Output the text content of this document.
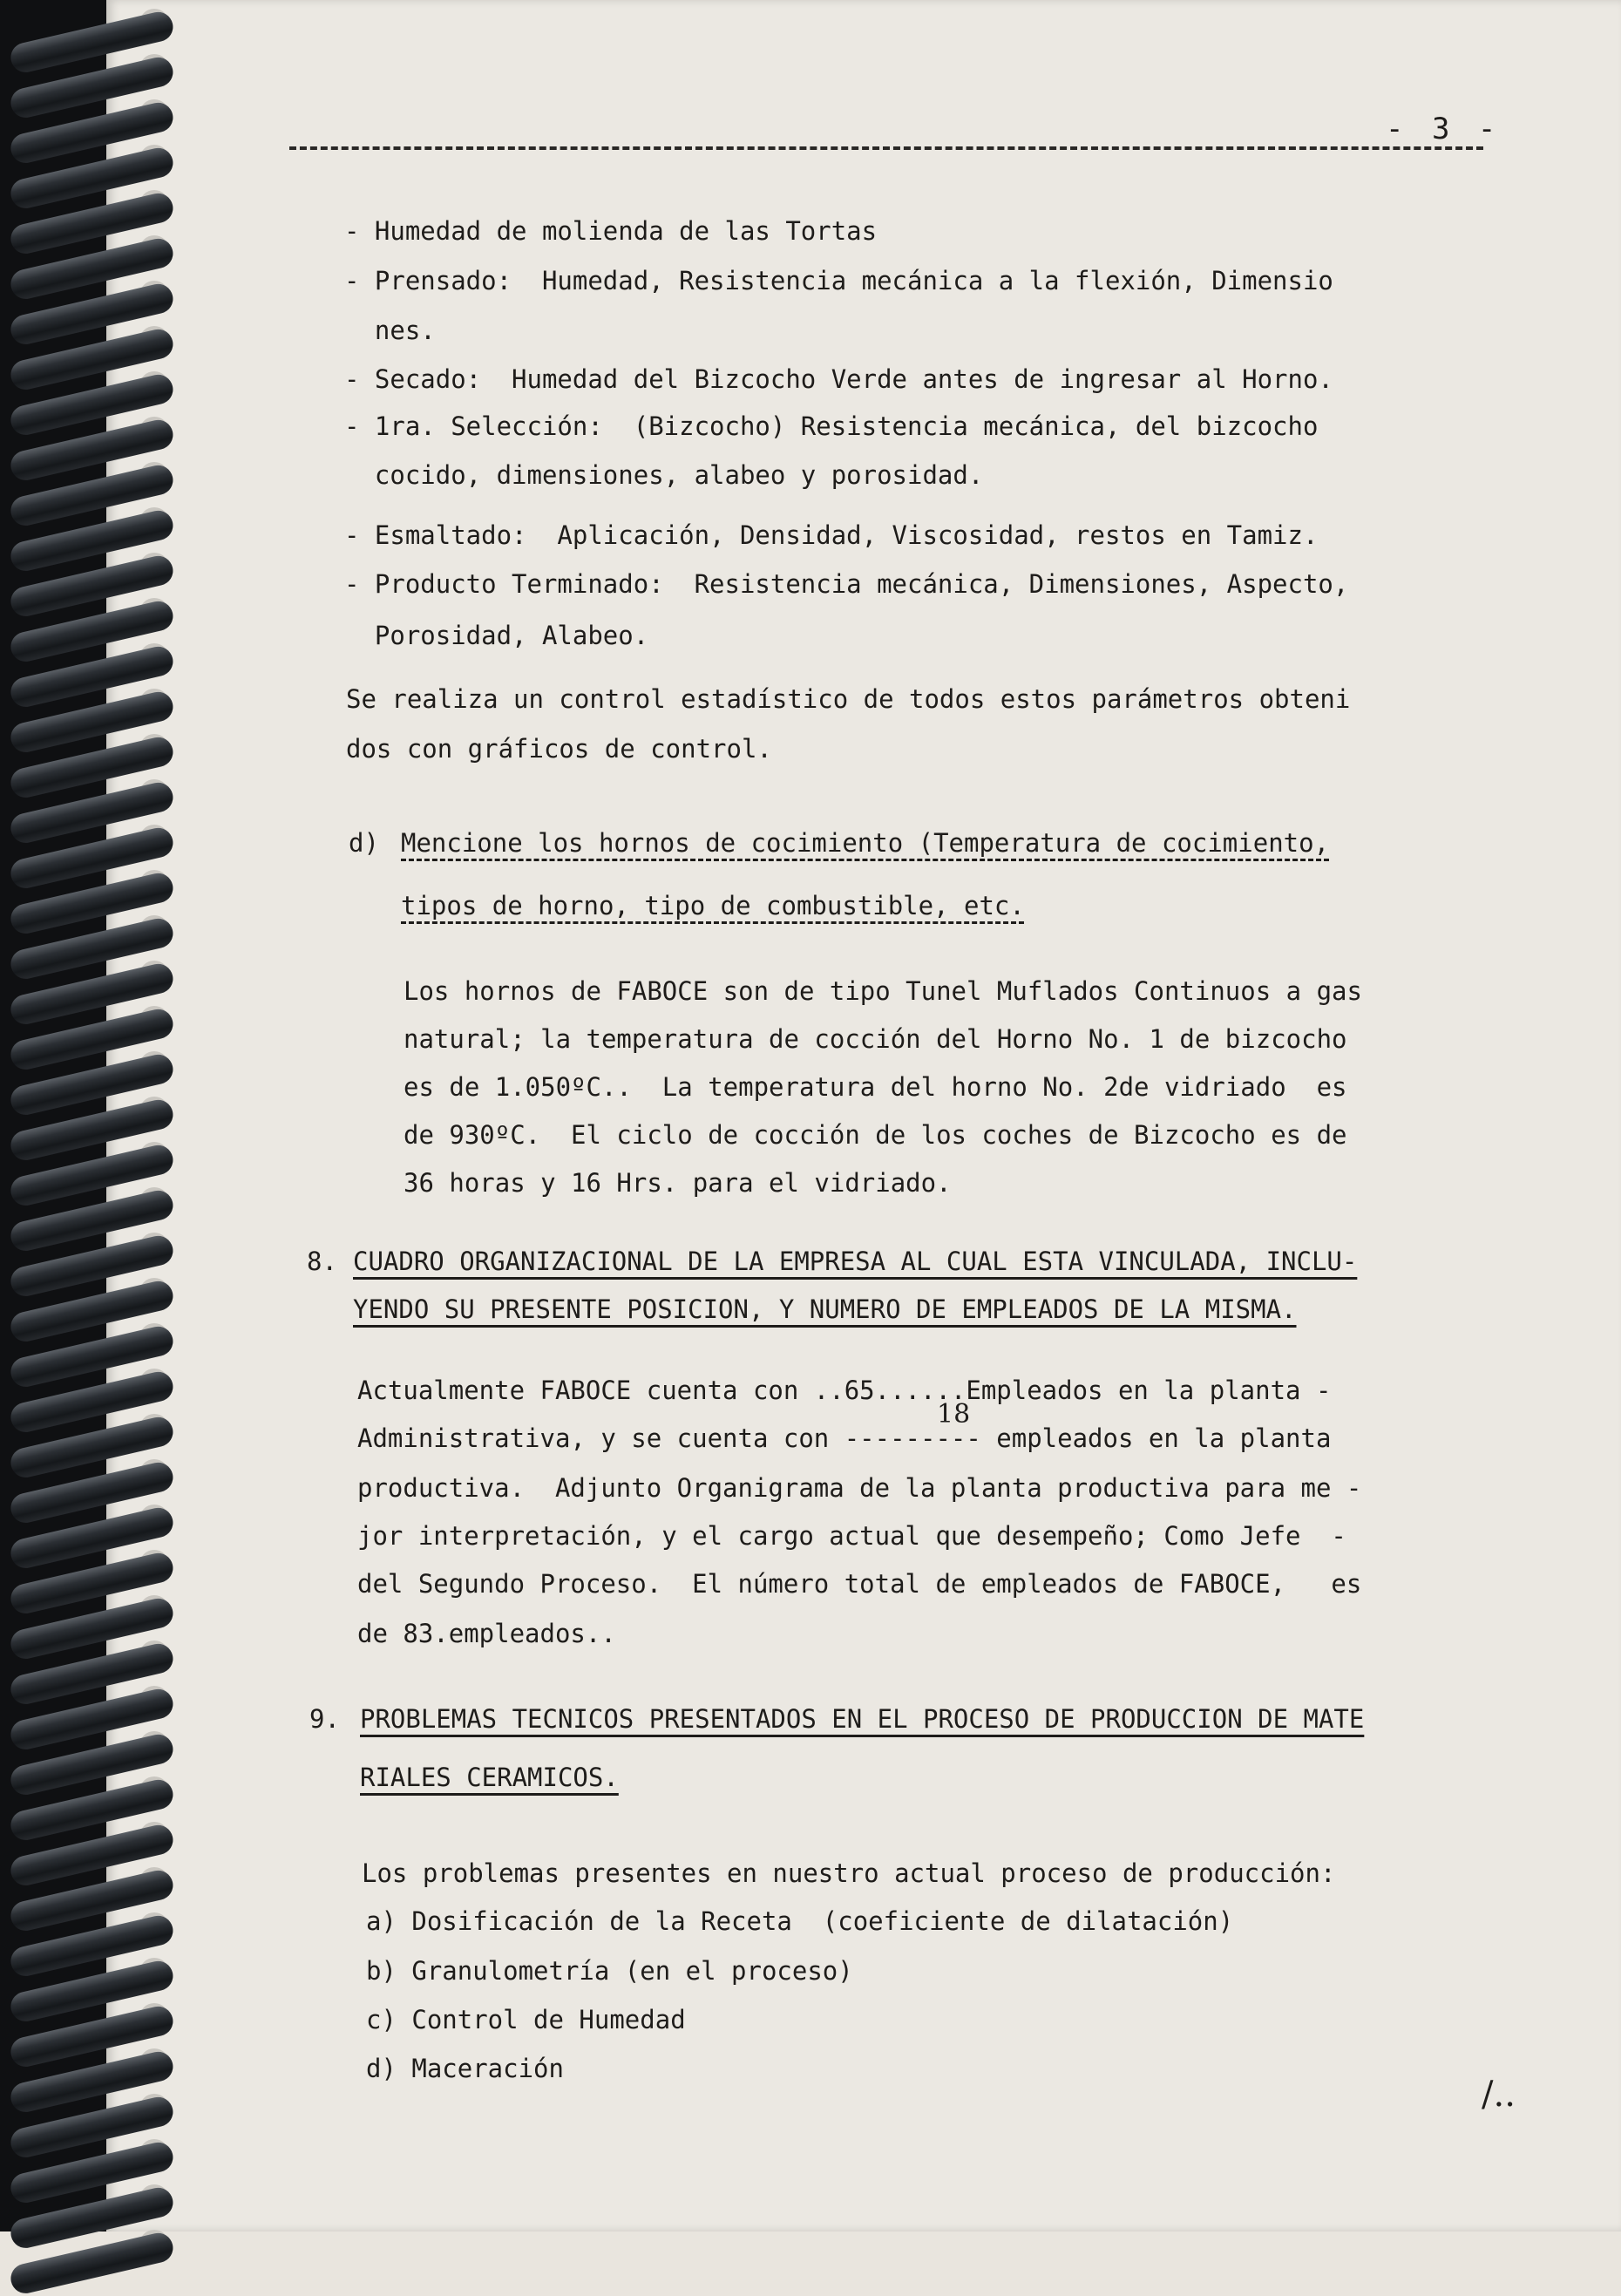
- 3 -
- Humedad de molienda de las Tortas
- Prensado:  Humedad, Resistencia mecánica a la flexión, Dimensio
nes.
- Secado:  Humedad del Bizcocho Verde antes de ingresar al Horno.
- 1ra. Selección:  (Bizcocho) Resistencia mecánica, del bizcocho
cocido, dimensiones, alabeo y porosidad.
- Esmaltado:  Aplicación, Densidad, Viscosidad, restos en Tamiz.
- Producto Terminado:  Resistencia mecánica, Dimensiones, Aspecto,
Porosidad, Alabeo.
Se realiza un control estadístico de todos estos parámetros obteni
dos con gráficos de control.
d) Mencione los hornos de cocimiento (Temperatura de cocimiento,
tipos de horno, tipo de combustible, etc.
Los hornos de FABOCE son de tipo Tunel Muflados Continuos a gas
natural; la temperatura de cocción del Horno No. 1 de bizcocho
es de 1.050ºC..  La temperatura del horno No. 2de vidriado  es
de 930ºC.  El ciclo de cocción de los coches de Bizcocho es de
36 horas y 16 Hrs. para el vidriado.
8. CUADRO ORGANIZACIONAL DE LA EMPRESA AL CUAL ESTA VINCULADA, INCLU-
YENDO SU PRESENTE POSICION, Y NUMERO DE EMPLEADOS DE LA MISMA.
Actualmente FABOCE cuenta con ..65......Empleados en la planta -
18
Administrativa, y se cuenta con --------- empleados en la planta
productiva.  Adjunto Organigrama de la planta productiva para me -
jor interpretación, y el cargo actual que desempeño; Como Jefe  -
del Segundo Proceso.  El número total de empleados de FABOCE,   es
de 83.empleados..
9. PROBLEMAS TECNICOS PRESENTADOS EN EL PROCESO DE PRODUCCION DE MATE
RIALES CERAMICOS.
Los problemas presentes en nuestro actual proceso de producción:
a) Dosificación de la Receta  (coeficiente de dilatación)
b) Granulometría (en el proceso)
c) Control de Humedad
d) Maceración
/..
